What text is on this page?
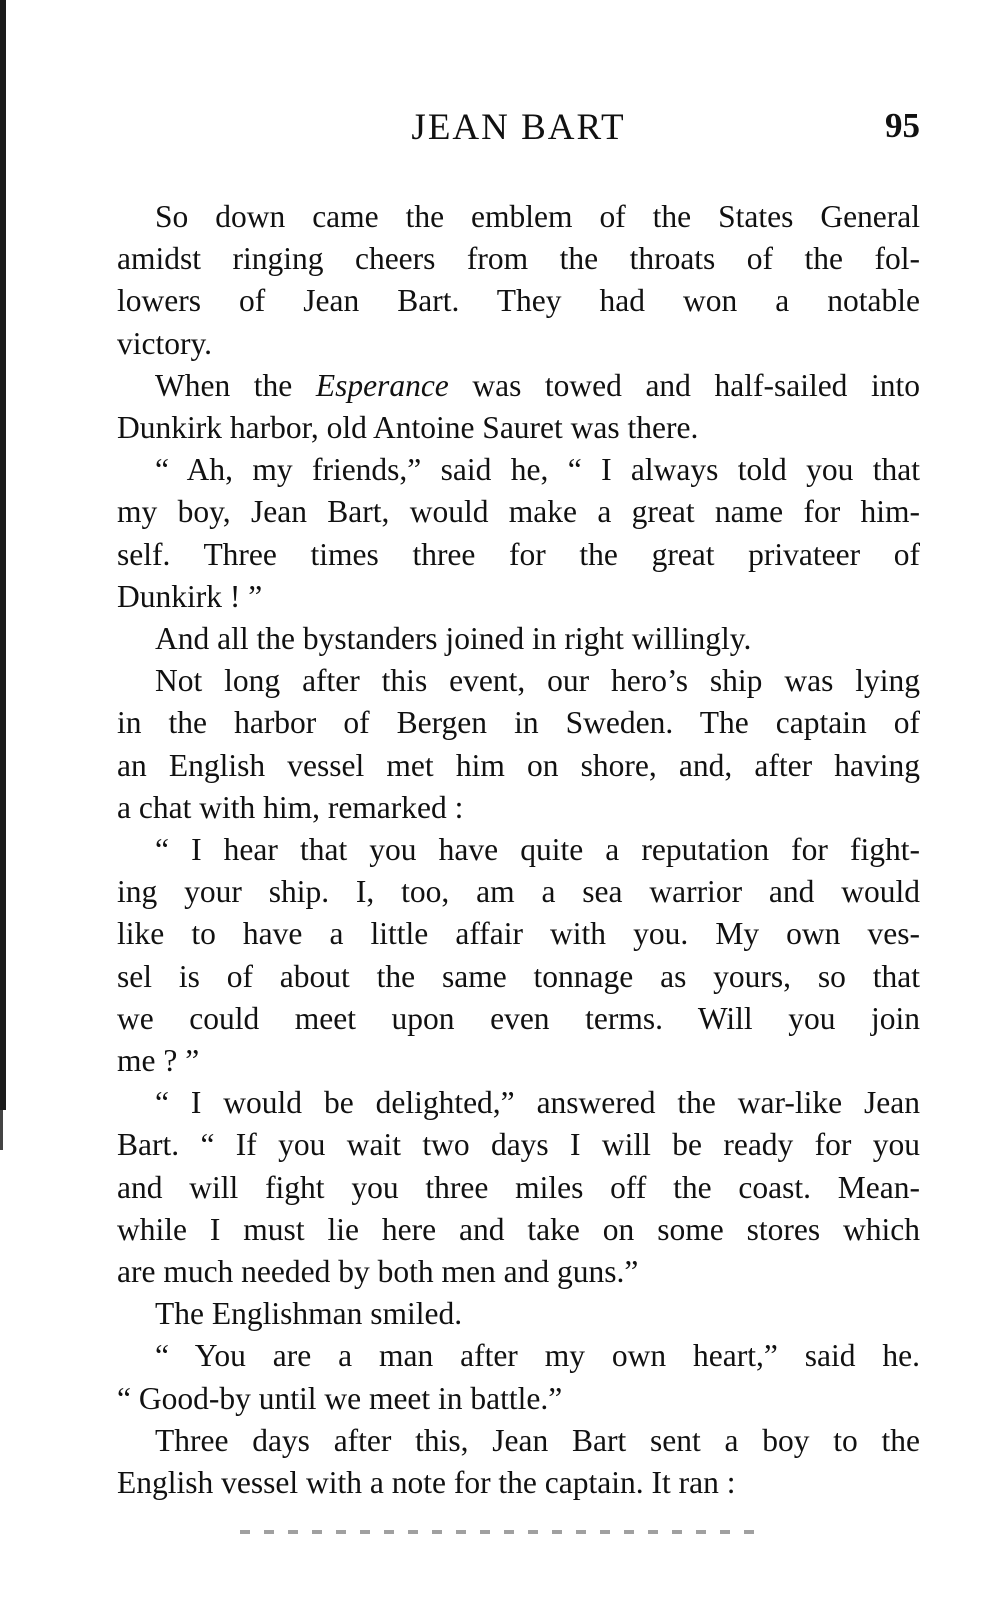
JEAN BART	95
So down came the emblem of the States General
amidst ringing cheers from the throats of the fol-
lowers of Jean Bart. They had won a notable
victory.
When the Esperance was towed and half-sailed into
Dunkirk harbor, old Antoine Sauret was there.
“ Ah, my friends,” said he, “ I always told you that
my boy, Jean Bart, would make a great name for him-
self. Three times three for the great privateer of
Dunkirk ! ”
And all the bystanders joined in right willingly.
Not long after this event, our hero’s ship was lying
in the harbor of Bergen in Sweden. The captain of
an English vessel met him on shore, and, after having
a chat with him, remarked :
“ I hear that you have quite a reputation for fight-
ing your ship. I, too, am a sea warrior and would
like to have a little affair with you. My own ves-
sel is of about the same tonnage as yours, so that
we could meet upon even terms. Will you join
me ? ”
“ I would be delighted,” answered the war-like Jean
Bart. “ If you wait two days I will be ready for you
and will fight you three miles off the coast. Mean-
while I must lie here and take on some stores which
are much needed by both men and guns.”
The Englishman smiled.
“ You are a man after my own heart,” said he.
“ Good-by until we meet in battle.”
Three days after this, Jean Bart sent a boy to the
English vessel with a note for the captain. It ran :
